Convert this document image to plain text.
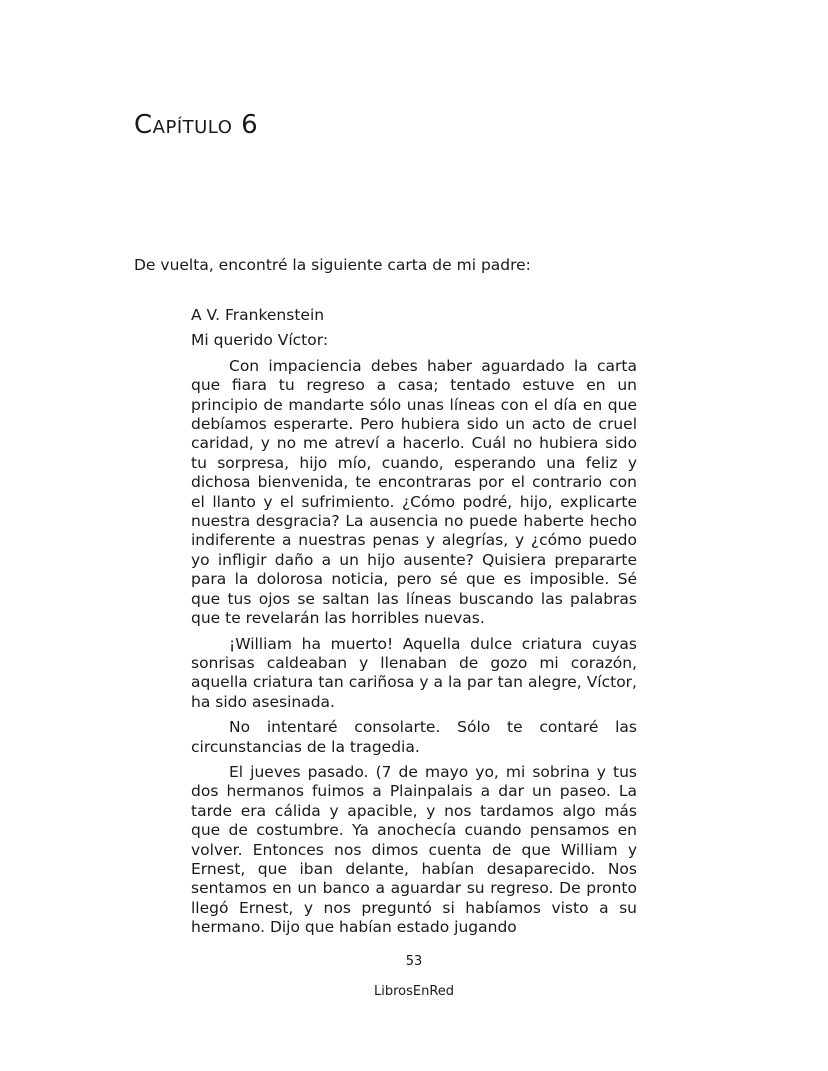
Capítulo 6

De vuelta, encontré la siguiente carta de mi padre:

A V. Frankenstein

Mi querido Víctor:

Con impaciencia debes haber aguardado la carta que fiara tu regreso a casa; tentado estuve en un principio de mandarte sólo unas líneas con el día en que debíamos esperarte. Pero hubiera sido un acto de cruel caridad, y no me atreví a hacerlo. Cuál no hubiera sido tu sorpresa, hijo mío, cuando, esperando una feliz y dichosa bienvenida, te encontraras por el contrario con el llanto y el sufrimiento. ¿Cómo podré, hijo, explicarte nuestra desgracia? La ausencia no puede haberte hecho indiferente a nuestras penas y alegrías, y ¿cómo puedo yo infligir daño a un hijo ausente? Quisiera prepararte para la dolorosa noticia, pero sé que es imposible. Sé que tus ojos se saltan las líneas buscando las palabras que te revelarán las horribles nuevas.

¡William ha muerto! Aquella dulce criatura cuyas sonrisas caldeaban y llenaban de gozo mi corazón, aquella criatura tan cariñosa y a la par tan alegre, Víctor, ha sido asesinada.

No intentaré consolarte. Sólo te contaré las circunstancias de la tragedia.

El jueves pasado. (7 de mayo yo, mi sobrina y tus dos hermanos fuimos a Plainpalais a dar un paseo. La tarde era cálida y apacible, y nos tardamos algo más que de costumbre. Ya anochecía cuando pensamos en volver. Entonces nos dimos cuenta de que William y Ernest, que iban delante, habían desaparecido. Nos sentamos en un banco a aguardar su regreso. De pronto llegó Ernest, y nos preguntó si habíamos visto a su hermano. Dijo que habían estado jugando

53

LibrosEnRed
